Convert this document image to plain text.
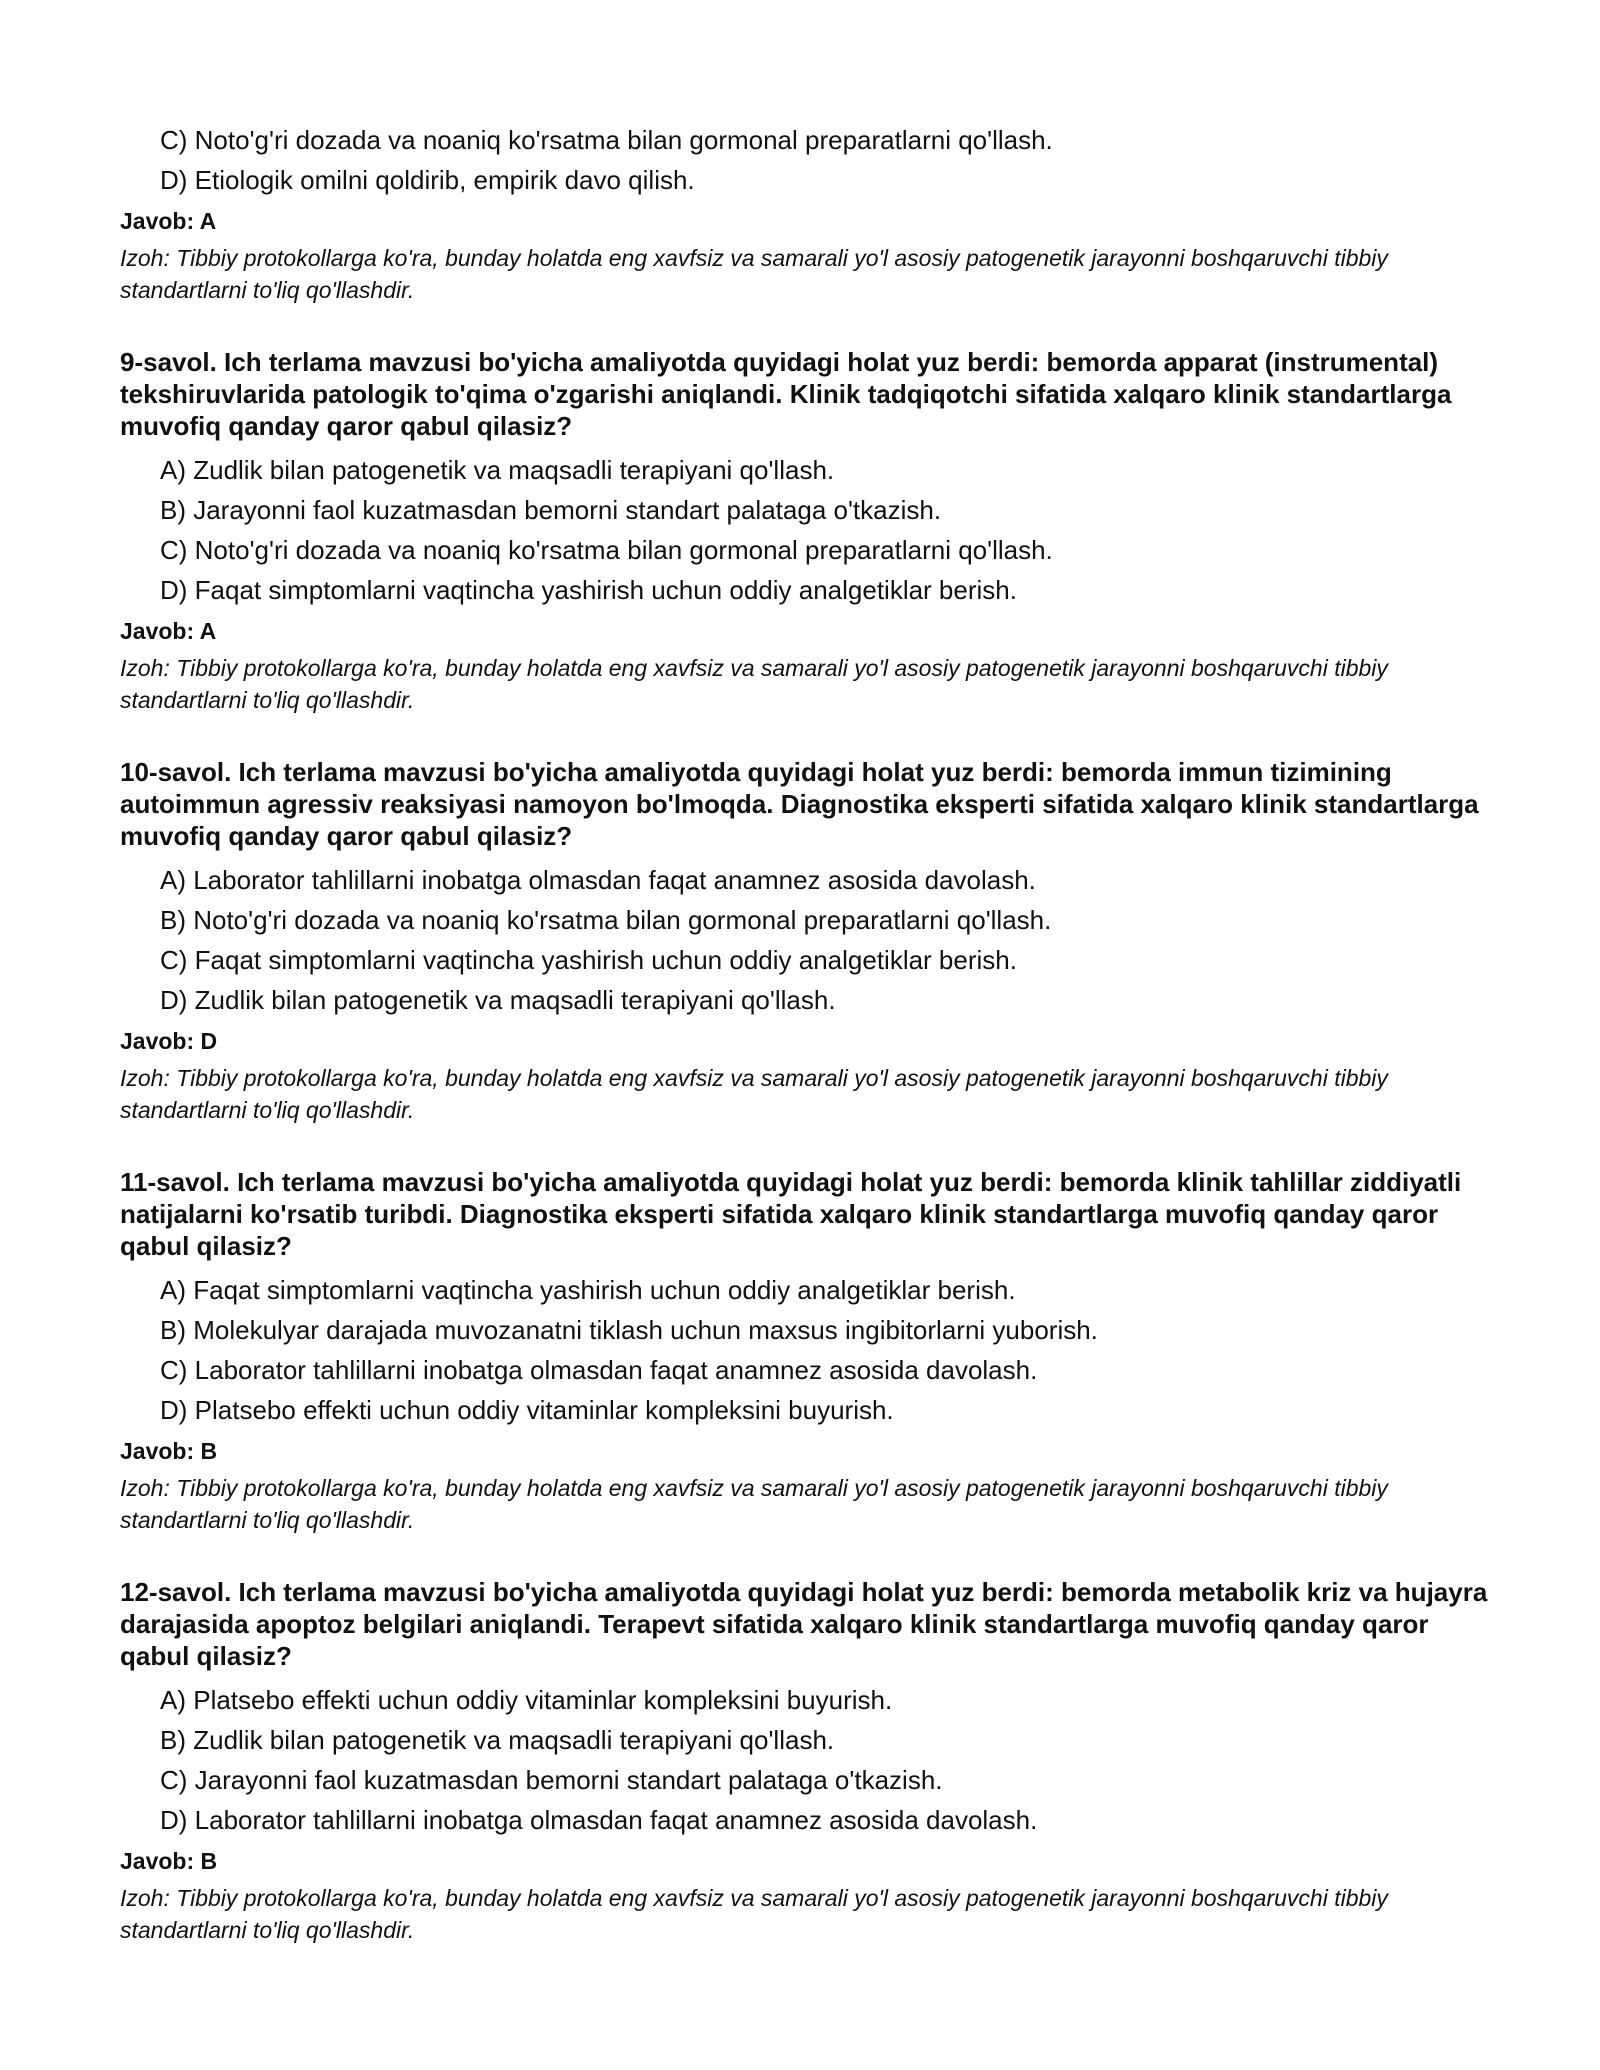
C) Noto'g'ri dozada va noaniq ko'rsatma bilan gormonal preparatlarni qo'llash.
D) Etiologik omilni qoldirib, empirik davo qilish.
Javob: A
Izoh: Tibbiy protokollarga ko'ra, bunday holatda eng xavfsiz va samarali yo'l asosiy patogenetik jarayonni boshqaruvchi tibbiy standartlarni to'liq qo'llashdir.
9-savol. Ich terlama mavzusi bo'yicha amaliyotda quyidagi holat yuz berdi: bemorda apparat (instrumental) tekshiruvlarida patologik to'qima o'zgarishi aniqlandi. Klinik tadqiqotchi sifatida xalqaro klinik standartlarga muvofiq qanday qaror qabul qilasiz?
A) Zudlik bilan patogenetik va maqsadli terapiyani qo'llash.
B) Jarayonni faol kuzatmasdan bemorni standart palataga o'tkazish.
C) Noto'g'ri dozada va noaniq ko'rsatma bilan gormonal preparatlarni qo'llash.
D) Faqat simptomlarni vaqtincha yashirish uchun oddiy analgetiklar berish.
Javob: A
Izoh: Tibbiy protokollarga ko'ra, bunday holatda eng xavfsiz va samarali yo'l asosiy patogenetik jarayonni boshqaruvchi tibbiy standartlarni to'liq qo'llashdir.
10-savol. Ich terlama mavzusi bo'yicha amaliyotda quyidagi holat yuz berdi: bemorda immun tizimining autoimmun agressiv reaksiyasi namoyon bo'lmoqda. Diagnostika eksperti sifatida xalqaro klinik standartlarga muvofiq qanday qaror qabul qilasiz?
A) Laborator tahlillarni inobatga olmasdan faqat anamnez asosida davolash.
B) Noto'g'ri dozada va noaniq ko'rsatma bilan gormonal preparatlarni qo'llash.
C) Faqat simptomlarni vaqtincha yashirish uchun oddiy analgetiklar berish.
D) Zudlik bilan patogenetik va maqsadli terapiyani qo'llash.
Javob: D
Izoh: Tibbiy protokollarga ko'ra, bunday holatda eng xavfsiz va samarali yo'l asosiy patogenetik jarayonni boshqaruvchi tibbiy standartlarni to'liq qo'llashdir.
11-savol. Ich terlama mavzusi bo'yicha amaliyotda quyidagi holat yuz berdi: bemorda klinik tahlillar ziddiyatli natijalarni ko'rsatib turibdi. Diagnostika eksperti sifatida xalqaro klinik standartlarga muvofiq qanday qaror qabul qilasiz?
A) Faqat simptomlarni vaqtincha yashirish uchun oddiy analgetiklar berish.
B) Molekulyar darajada muvozanatni tiklash uchun maxsus ingibitorlarni yuborish.
C) Laborator tahlillarni inobatga olmasdan faqat anamnez asosida davolash.
D) Platsebo effekti uchun oddiy vitaminlar kompleksini buyurish.
Javob: B
Izoh: Tibbiy protokollarga ko'ra, bunday holatda eng xavfsiz va samarali yo'l asosiy patogenetik jarayonni boshqaruvchi tibbiy standartlarni to'liq qo'llashdir.
12-savol. Ich terlama mavzusi bo'yicha amaliyotda quyidagi holat yuz berdi: bemorda metabolik kriz va hujayra darajasida apoptoz belgilari aniqlandi. Terapevt sifatida xalqaro klinik standartlarga muvofiq qanday qaror qabul qilasiz?
A) Platsebo effekti uchun oddiy vitaminlar kompleksini buyurish.
B) Zudlik bilan patogenetik va maqsadli terapiyani qo'llash.
C) Jarayonni faol kuzatmasdan bemorni standart palataga o'tkazish.
D) Laborator tahlillarni inobatga olmasdan faqat anamnez asosida davolash.
Javob: B
Izoh: Tibbiy protokollarga ko'ra, bunday holatda eng xavfsiz va samarali yo'l asosiy patogenetik jarayonni boshqaruvchi tibbiy standartlarni to'liq qo'llashdir.
